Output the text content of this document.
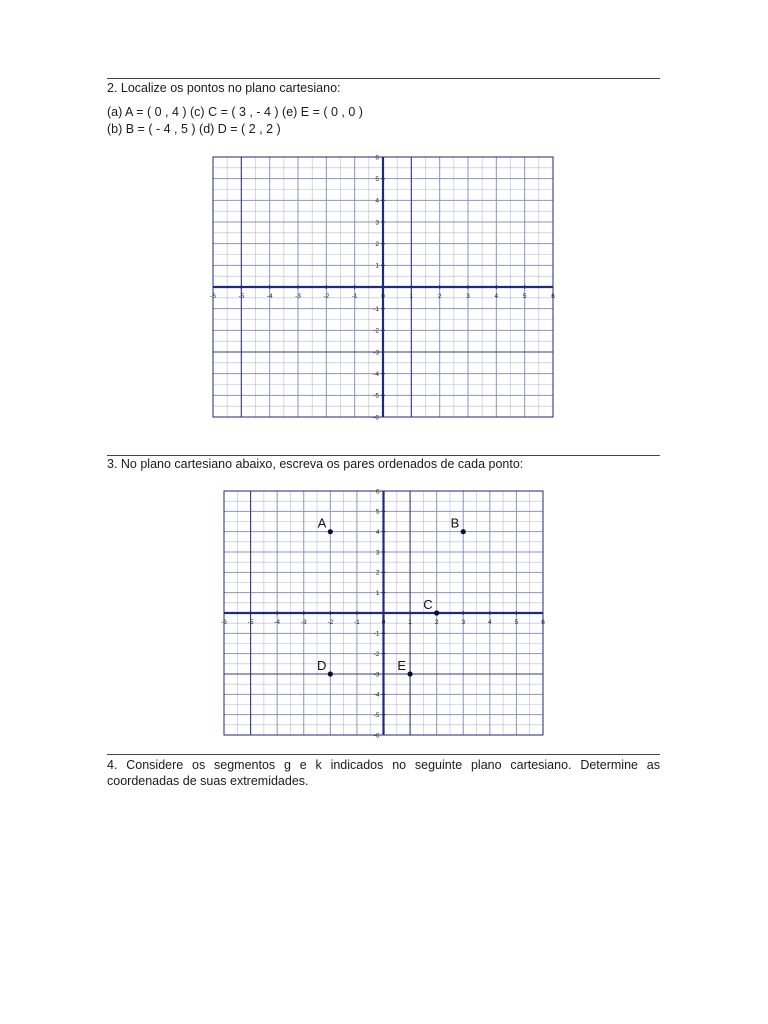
2. Localize os pontos no plano cartesiano:
(a) A = ( 0 , 4 ) (c) C = ( 3 , - 4 ) (e) E = ( 0 , 0 )
(b) B = ( - 4 , 5 ) (d) D = ( 2 , 2 )
-6	-5	-4	-3	-2	-1	0	1	2	3	4	5	6
-6
-5
-4
-3
-2
-1
1
2
3
4
5
6
3. No plano cartesiano abaixo, escreva os pares ordenados de cada ponto:
-6	-5	-4	-3	-2	-1	0	1	2	3	4	5	6
-6
-5
-4
-3
-2
-1
1
2
3
4
5
6
A	B
C
D	E
4. Considere os segmentos g e k indicados no seguinte plano cartesiano. Determine as coordenadas de suas extremidades.
